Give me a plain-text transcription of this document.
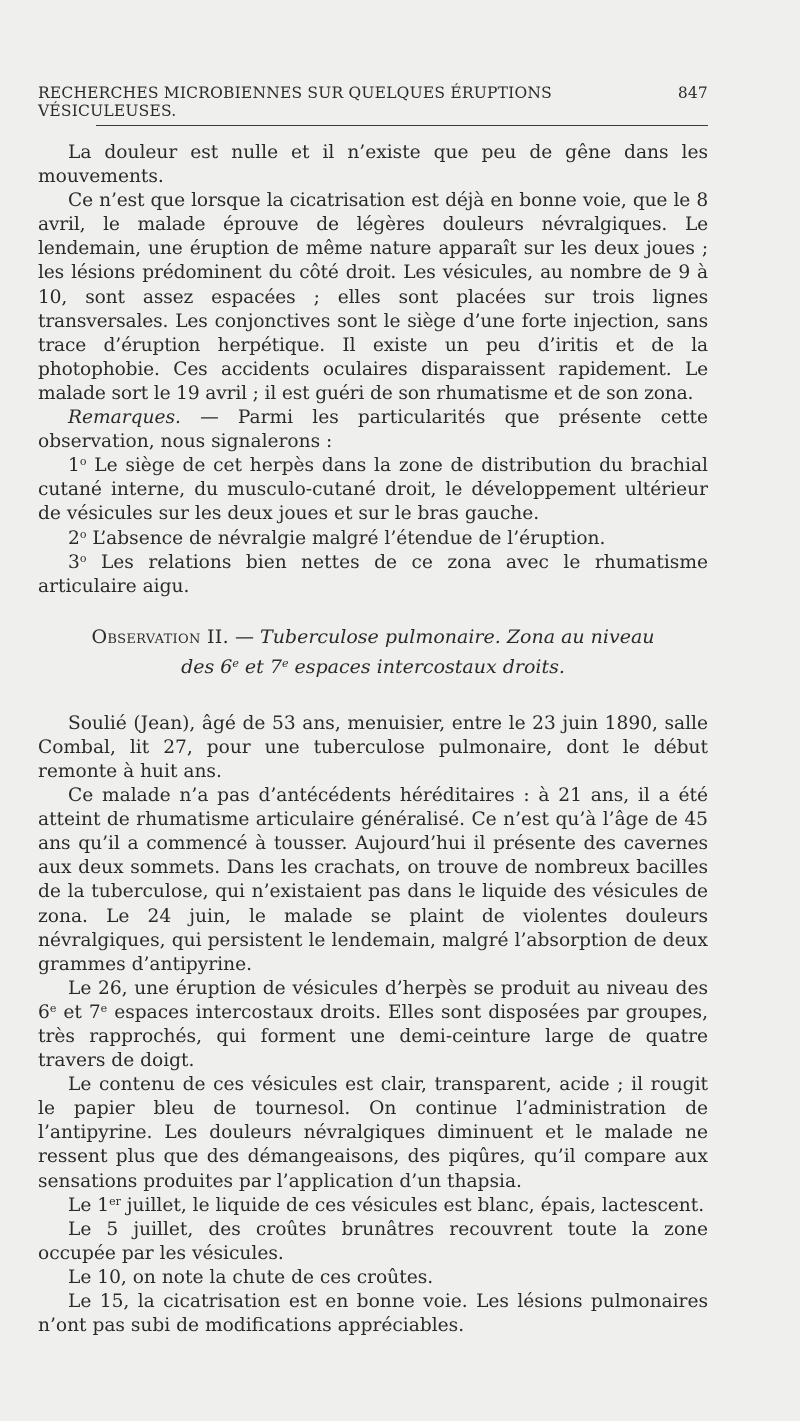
RECHERCHES MICROBIENNES SUR QUELQUES ÉRUPTIONS VÉSICULEUSES.
847

La douleur est nulle et il n’existe que peu de gêne dans les mouvements.

Ce n’est que lorsque la cicatrisation est déjà en bonne voie, que le 8 avril, le malade éprouve de légères douleurs névralgiques. Le lendemain, une éruption de même nature apparaît sur les deux joues ; les lésions prédominent du côté droit. Les vésicules, au nombre de 9 à 10, sont assez espacées ; elles sont placées sur trois lignes transversales. Les conjonctives sont le siège d’une forte injection, sans trace d’éruption herpétique. Il existe un peu d’iritis et de la photophobie. Ces accidents oculaires disparaissent rapidement. Le malade sort le 19 avril ; il est guéri de son rhumatisme et de son zona.

Remarques. — Parmi les particularités que présente cette observation, nous signalerons :

1$^o$ Le siège de cet herpès dans la zone de distribution du brachial cutané interne, du musculo-cutané droit, le développement ultérieur de vésicules sur les deux joues et sur le bras gauche.

2$^o$ L’absence de névralgie malgré l’étendue de l’éruption.

3$^o$ Les relations bien nettes de ce zona avec le rhumatisme articulaire aigu.

Observation II. — Tuberculose pulmonaire. Zona au niveau
des 6e et 7e espaces intercostaux droits.

Soulié (Jean), âgé de 53 ans, menuisier, entre le 23 juin 1890, salle Combal, lit 27, pour une tuberculose pulmonaire, dont le début remonte à huit ans.

Ce malade n’a pas d’antécédents héréditaires : à 21 ans, il a été atteint de rhumatisme articulaire généralisé. Ce n’est qu’à l’âge de 45 ans qu’il a commencé à tousser. Aujourd’hui il présente des cavernes aux deux sommets. Dans les crachats, on trouve de nombreux bacilles de la tuberculose, qui n’existaient pas dans le liquide des vésicules de zona. Le 24 juin, le malade se plaint de violentes douleurs névralgiques, qui persistent le lendemain, malgré l’absorption de deux grammes d’antipyrine.

Le 26, une éruption de vésicules d’herpès se produit au niveau des 6e et 7e espaces intercostaux droits. Elles sont disposées par groupes, très rapprochés, qui forment une demi-ceinture large de quatre travers de doigt.

Le contenu de ces vésicules est clair, transparent, acide ; il rougit le papier bleu de tournesol. On continue l’administration de l’antipyrine. Les douleurs névralgiques diminuent et le malade ne ressent plus que des démangeaisons, des piqûres, qu’il compare aux sensations produites par l’application d’un thapsia.

Le 1er juillet, le liquide de ces vésicules est blanc, épais, lactescent.

Le 5 juillet, des croûtes brunâtres recouvrent toute la zone occupée par les vésicules.

Le 10, on note la chute de ces croûtes.

Le 15, la cicatrisation est en bonne voie. Les lésions pulmonaires n’ont pas subi de modifications appréciables.
